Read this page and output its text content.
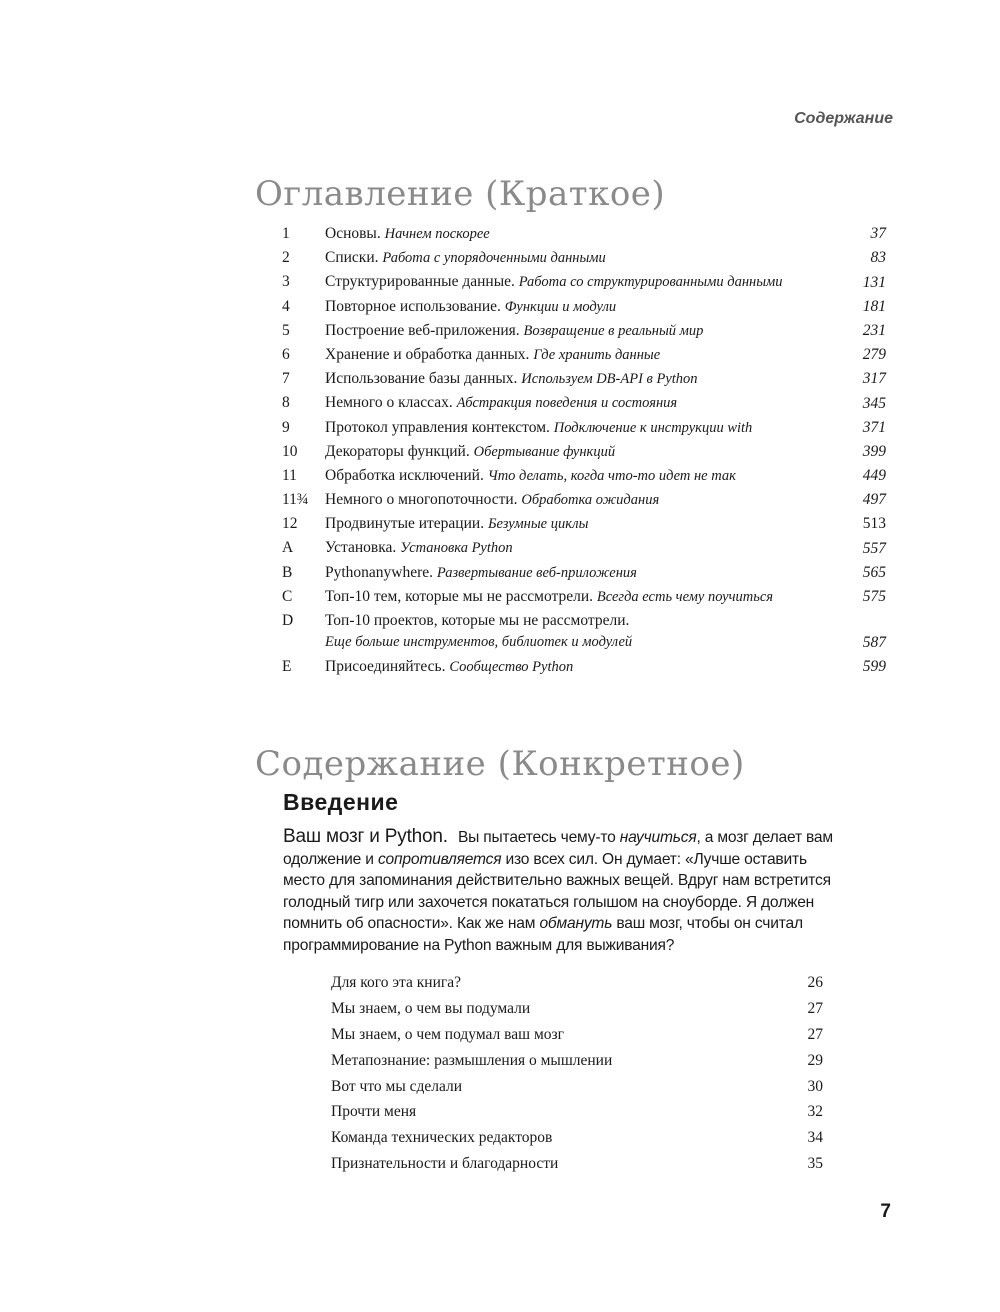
Содержание
Оглавление (Краткое)
1	Основы. Начнем поскорее	37
2	Списки. Работа с упорядоченными данными	83
3	Структурированные данные. Работа со структурированными данными	131
4	Повторное использование. Функции и модули	181
5	Построение веб-приложения. Возвращение в реальный мир	231
6	Хранение и обработка данных. Где хранить данные	279
7	Использование базы данных. Используем DB-API в Python	317
8	Немного о классах. Абстракция поведения и состояния	345
9	Протокол управления контекстом. Подключение к инструкции with	371
10	Декораторы функций. Обертывание функций	399
11	Обработка исключений. Что делать, когда что-то идет не так	449
11¾	Немного о многопоточности. Обработка ожидания	497
12	Продвинутые итерации. Безумные циклы	513
A	Установка. Установка Python	557
B	Pythonanywhere. Развертывание веб-приложения	565
C	Топ-10 тем, которые мы не рассмотрели. Всегда есть чему поучиться	575
D	Топ-10 проектов, которые мы не рассмотрели.
Еще больше инструментов, библиотек и модулей	587
E	Присоединяйтесь. Сообщество Python	599
Содержание (Конкретное)
Введение
Ваш мозг и Python. Вы пытаетесь чему-то научиться, а мозг делает вам одолжение и сопротивляется изо всех сил. Он думает: «Лучше оставить место для запоминания действительно важных вещей. Вдруг нам встретится голодный тигр или захочется покататься голышом на сноуборде. Я должен помнить об опасности». Как же нам обмануть ваш мозг, чтобы он считал программирование на Python важным для выживания?
Для кого эта книга?	26
Мы знаем, о чем вы подумали	27
Мы знаем, о чем подумал ваш мозг	27
Метапознание: размышления о мышлении	29
Вот что мы сделали	30
Прочти меня	32
Команда технических редакторов	34
Признательности и благодарности	35
7
